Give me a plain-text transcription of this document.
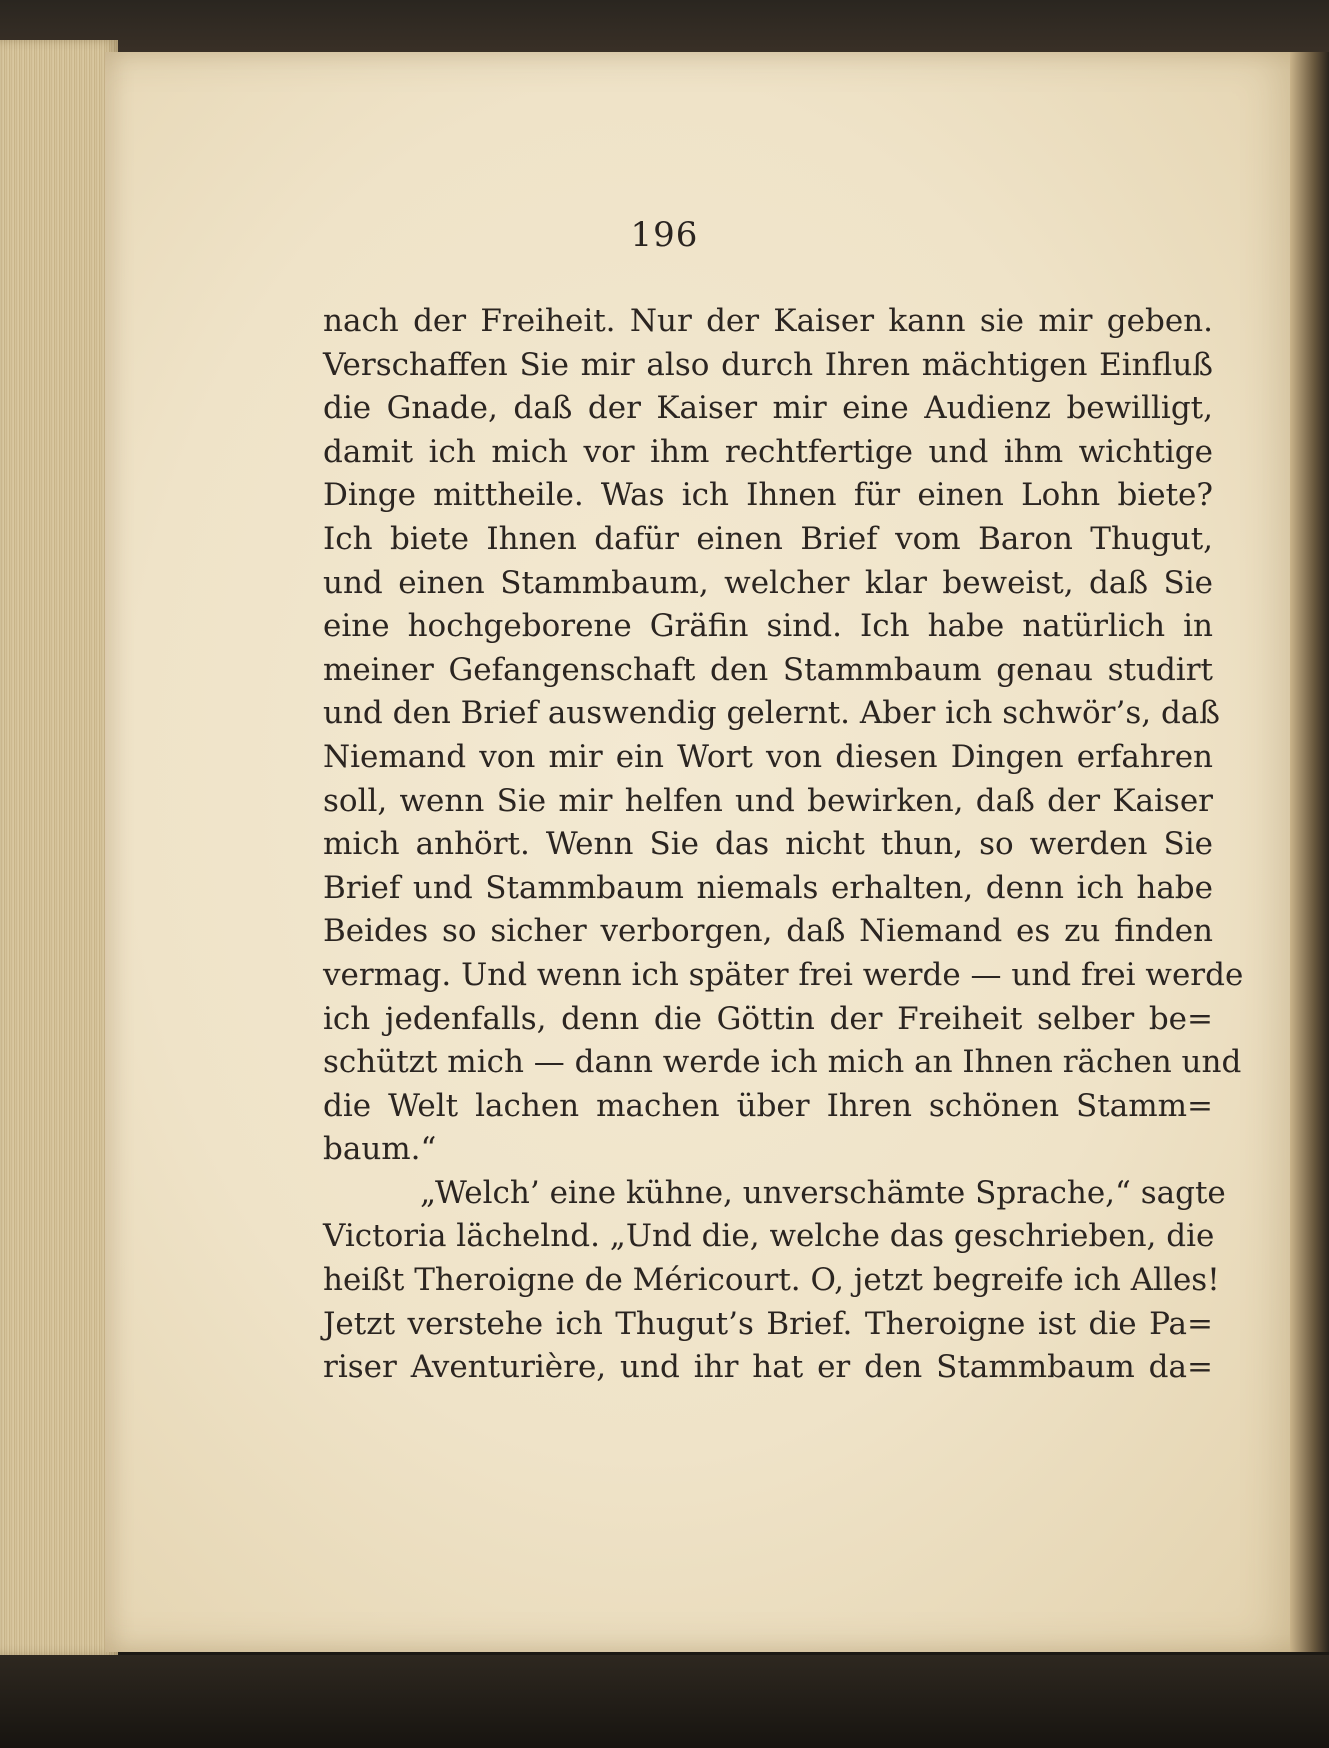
196
nach der Freiheit. Nur der Kaiser kann sie mir geben.
Verschaffen Sie mir also durch Ihren mächtigen Einfluß
die Gnade, daß der Kaiser mir eine Audienz bewilligt,
damit ich mich vor ihm rechtfertige und ihm wichtige
Dinge mittheile. Was ich Ihnen für einen Lohn biete?
Ich biete Ihnen dafür einen Brief vom Baron Thugut,
und einen Stammbaum, welcher klar beweist, daß Sie
eine hochgeborene Gräfin sind. Ich habe natürlich in
meiner Gefangenschaft den Stammbaum genau studirt
und den Brief auswendig gelernt. Aber ich schwör’s, daß
Niemand von mir ein Wort von diesen Dingen erfahren
soll, wenn Sie mir helfen und bewirken, daß der Kaiser
mich anhört. Wenn Sie das nicht thun, so werden Sie
Brief und Stammbaum niemals erhalten, denn ich habe
Beides so sicher verborgen, daß Niemand es zu finden
vermag. Und wenn ich später frei werde — und frei werde
ich jedenfalls, denn die Göttin der Freiheit selber be=
schützt mich — dann werde ich mich an Ihnen rächen und
die Welt lachen machen über Ihren schönen Stamm=
baum.“
„Welch’ eine kühne, unverschämte Sprache,“ sagte
Victoria lächelnd. „Und die, welche das geschrieben, die
heißt Theroigne de Méricourt. O, jetzt begreife ich Alles!
Jetzt verstehe ich Thugut’s Brief. Theroigne ist die Pa=
riser Aventurière, und ihr hat er den Stammbaum da=
